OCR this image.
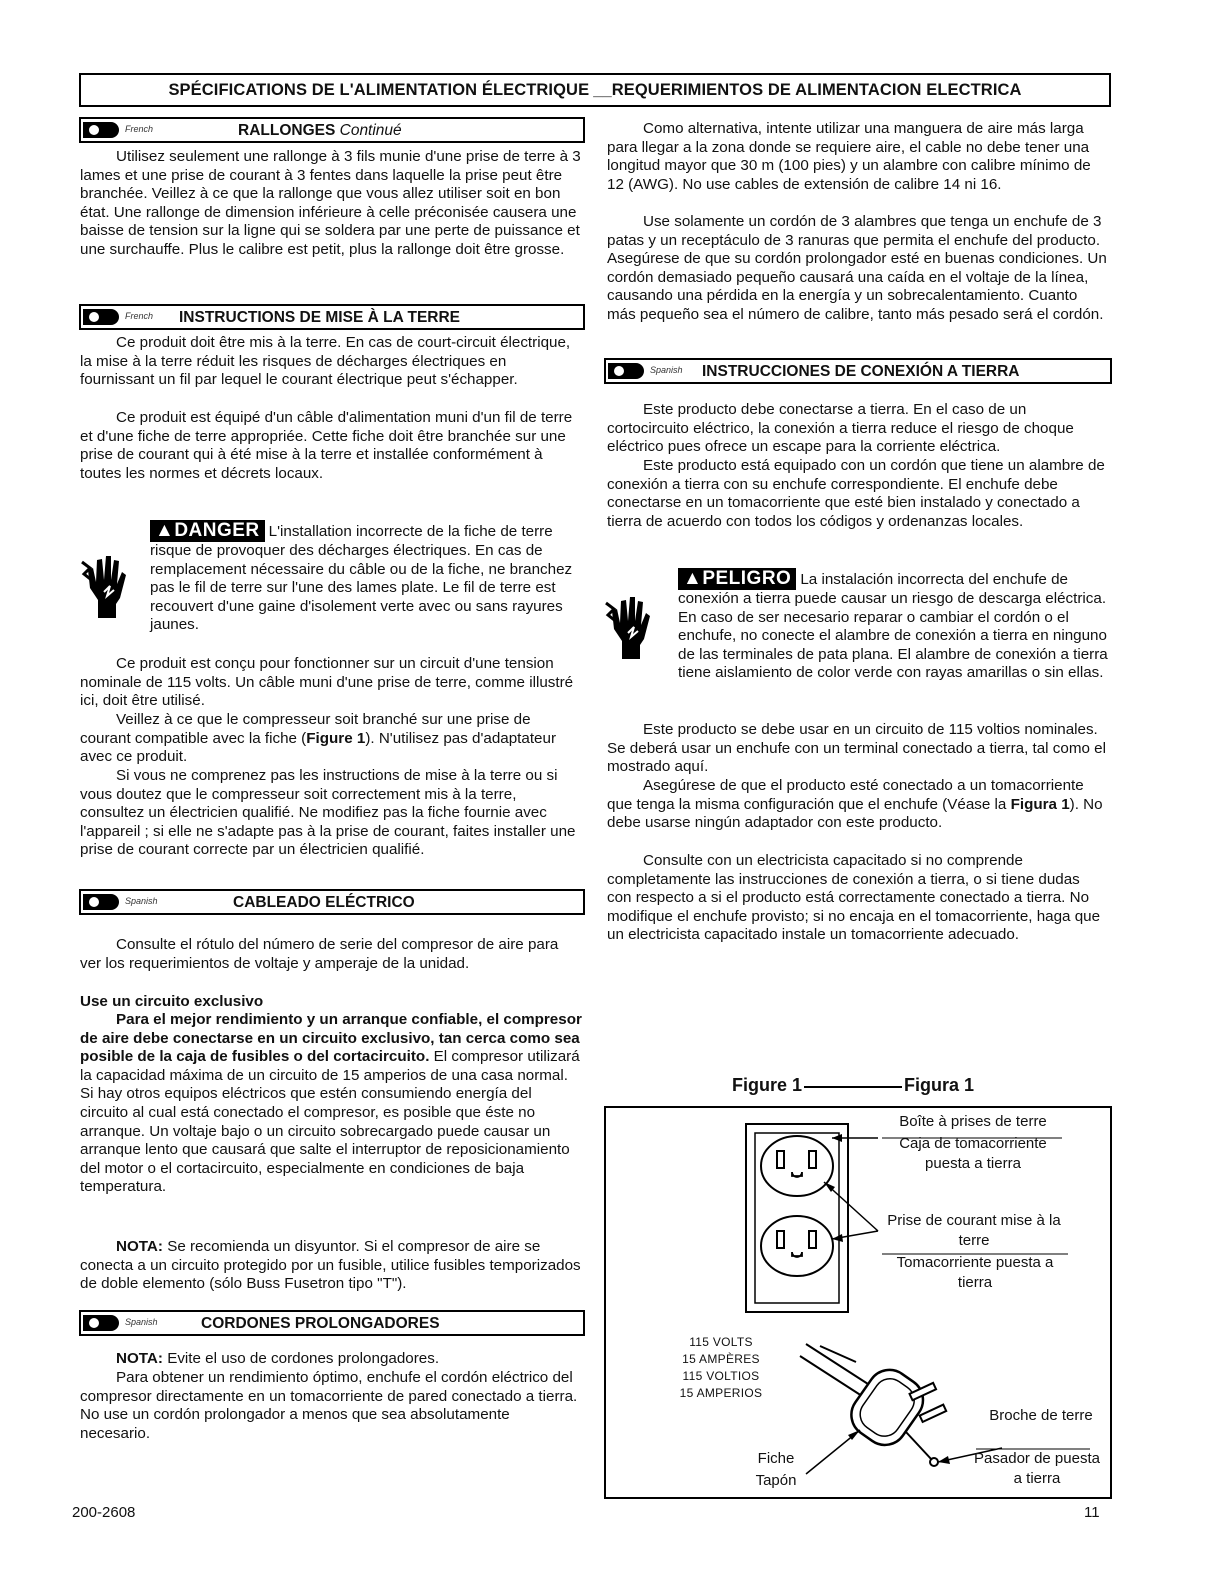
SPÉCIFICATIONS DE L'ALIMENTATION ÉLECTRIQUE __ REQUERIMIENTOS DE ALIMENTACION ELECTRICA
French	RALLONGES Continué

Utilisez seulement une rallonge à 3 fils munie d'une prise de terre à 3 lames et une prise de courant à 3 fentes dans laquelle la prise peut être branchée. Veillez à ce que la rallonge que vous allez utiliser soit en bon état. Une rallonge de dimension inférieure à celle préconisée causera une baisse de tension sur la ligne qui se soldera par une perte de puissance et une surchauffe. Plus le calibre est petit, plus la rallonge doit être grosse.

French INSTRUCTIONS DE MISE À LA TERRE

Ce produit doit être mis à la terre. En cas de court-circuit électrique, la mise à la terre réduit les risques de décharges électriques en fournissant un fil par lequel le courant électrique peut s'échapper.

Ce produit est équipé d'un câble d'alimentation muni d'un fil de terre et d'une fiche de terre appropriée. Cette fiche doit être branchée sur une prise de courant qui à été mise à la terre et installée conformément à toutes les normes et décrets locaux.

▲DANGER L'installation incorrecte de la fiche de terre risque de provoquer des décharges électriques. En cas de remplacement nécessaire du câble ou de la fiche, ne branchez pas le fil de terre sur l'une des lames plate. Le fil de terre est recouvert d'une gaine d'isolement verte avec ou sans rayures jaunes.

Ce produit est conçu pour fonctionner sur un circuit d'une tension nominale de 115 volts. Un câble muni d'une prise de terre, comme illustré ici, doit être utilisé.

Veillez à ce que le compresseur soit branché sur une prise de courant compatible avec la fiche (Figure 1). N'utilisez pas d'adaptateur avec ce produit.

Si vous ne comprenez pas les instructions de mise à la terre ou si vous doutez que le compresseur soit correctement mis à la terre, consultez un électricien qualifié. Ne modifiez pas la fiche fournie avec l'appareil ; si elle ne s'adapte pas à la prise de courant, faites installer une prise de courant correcte par un électricien qualifié.

Spanish	CABLEADO ELÉCTRICO

Consulte el rótulo del número de serie del compresor de aire para ver los requerimientos de voltaje y amperaje de la unidad.

Use un circuito exclusivo

Para el mejor rendimiento y un arranque confiable, el compresor de aire debe conectarse en un circuito exclusivo, tan cerca como sea posible de la caja de fusibles o del cortacircuito. El compresor utilizará la capacidad máxima de un circuito de 15 amperios de una casa normal. Si hay otros equipos eléctricos que estén consumiendo energía del circuito al cual está conectado el compresor, es posible que éste no arranque. Un voltaje bajo o un circuito sobrecargado puede causar un arranque lento que causará que salte el interruptor de reposicionamiento del motor o el cortacircuito, especialmente en condiciones de baja temperatura.

NOTA: Se recomienda un disyuntor. Si el compresor de aire se conecta a un circuito protegido por un fusible, utilice fusibles temporizados de doble elemento (sólo Buss Fusetron tipo "T").

Spanish	CORDONES PROLONGADORES

NOTA: Evite el uso de cordones prolongadores.

Para obtener un rendimiento óptimo, enchufe el cordón eléctrico del compresor directamente en un tomacorriente de pared conectado a tierra. No use un cordón prolongador a menos que sea absolutamente necesario.

Como alternativa, intente utilizar una manguera de aire más larga para llegar a la zona donde se requiere aire, el cable no debe tener una longitud mayor que 30 m (100 pies) y un alambre con calibre mínimo de 12 (AWG). No use cables de extensión de calibre 14 ni 16.

Use solamente un cordón de 3 alambres que tenga un enchufe de 3 patas y un receptáculo de 3 ranuras que permita el enchufe del producto. Asegúrese de que su cordón prolongador esté en buenas condiciones. Un cordón demasiado pequeño causará una caída en el voltaje de la línea, causando una pérdida en la energía y un sobrecalentamiento. Cuanto más pequeño sea el número de calibre, tanto más pesado será el cordón.

Spanish INSTRUCCIONES DE CONEXIÓN A TIERRA

Este producto debe conectarse a tierra. En el caso de un cortocircuito eléctrico, la conexión a tierra reduce el riesgo de choque eléctrico pues ofrece un escape para la corriente eléctrica.

Este producto está equipado con un cordón que tiene un alambre de conexión a tierra con su enchufe correspondiente. El enchufe debe conectarse en un tomacorriente que esté bien instalado y conectado a tierra de acuerdo con todos los códigos y ordenanzas locales.

▲PELIGRO La instalación incorrecta del enchufe de conexión a tierra puede causar un riesgo de descarga eléctrica. En caso de ser necesario reparar o cambiar el cordón o el enchufe, no conecte el alambre de conexión a tierra en ninguno de las terminales de pata plana. El alambre de conexión a tierra tiene aislamiento de color verde con rayas amarillas o sin ellas.

Este producto se debe usar en un circuito de 115 voltios nominales. Se deberá usar un enchufe con un terminal conectado a tierra, tal como el mostrado aquí.

Asegúrese de que el producto esté conectado a un tomacorriente que tenga la misma configuración que el enchufe (Véase la Figura 1). No debe usarse ningún adaptador con este producto.

Consulte con un electricista capacitado si no comprende completamente las instrucciones de conexión a tierra, o si tiene dudas con respecto a si el producto está correctamente conectado a tierra. No modifique el enchufe provisto; si no encaja en el tomacorriente, haga que un electricista capacitado instale un tomacorriente adecuado.

Figure 1	Figura 1
Boîte à prises de terre
Caja de tomacorriente puesta a tierra
Prise de courant mise à la terre
Tomacorriente puesta a tierra
115 VOLTS
15 AMPÈRES
115 VOLTIOS
15 AMPERIOS
Broche de terre
Pasador de puesta a tierra
Fiche
Tapón
200-2608	11
